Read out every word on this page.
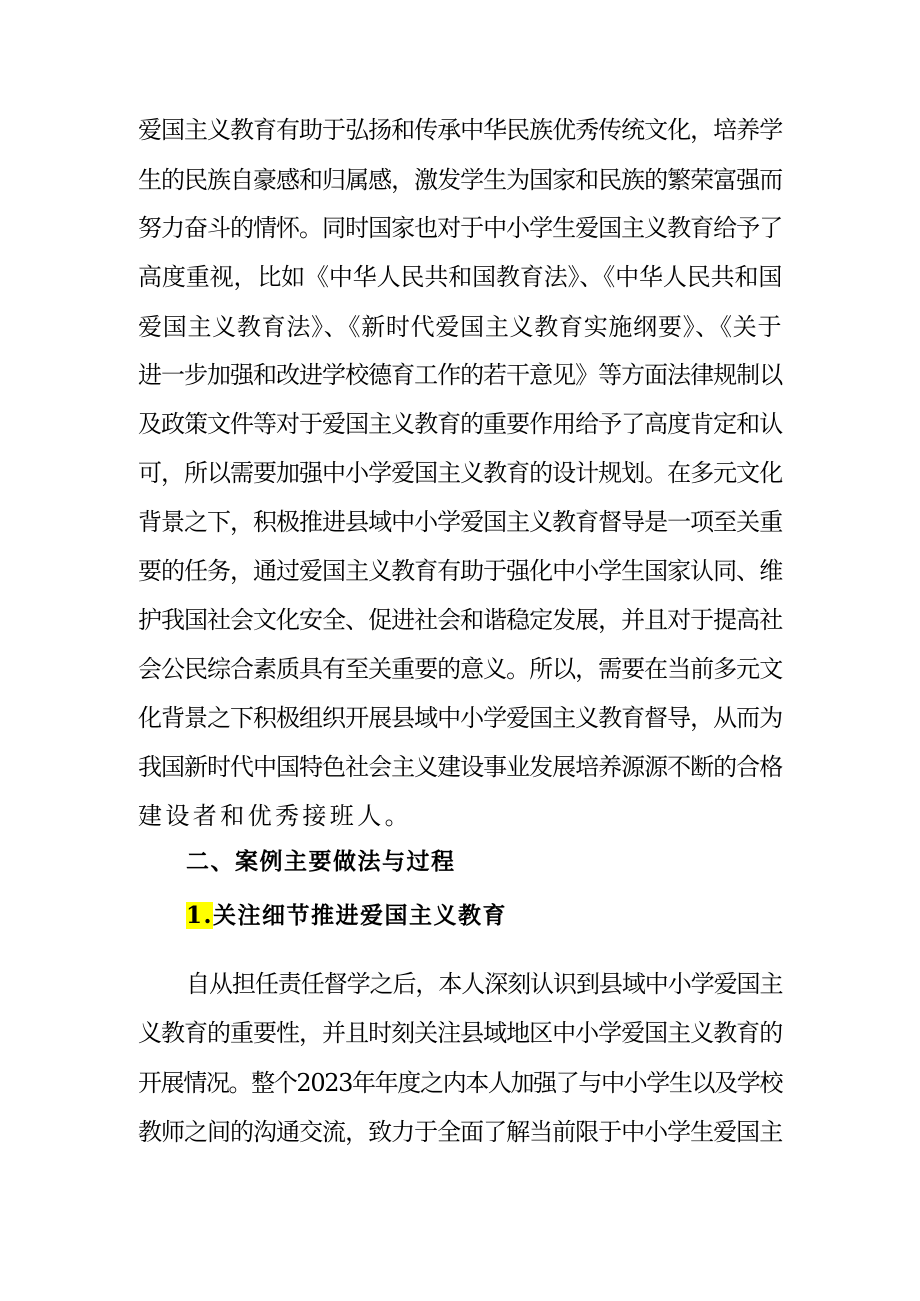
爱国主义教育有助于弘扬和传承中华民族优秀传统文化，培养学
生的民族自豪感和归属感，激发学生为国家和民族的繁荣富强而
努力奋斗的情怀。同时国家也对于中小学生爱国主义教育给予了
高度重视，比如《中华人民共和国教育法》、《中华人民共和国
爱国主义教育法》、《新时代爱国主义教育实施纲要》、《关于
进一步加强和改进学校德育工作的若干意见》等方面法律规制以
及政策文件等对于爱国主义教育的重要作用给予了高度肯定和认
可，所以需要加强中小学爱国主义教育的设计规划。在多元文化
背景之下，积极推进县域中小学爱国主义教育督导是一项至关重
要的任务，通过爱国主义教育有助于强化中小学生国家认同、维
护我国社会文化安全、促进社会和谐稳定发展，并且对于提高社
会公民综合素质具有至关重要的意义。所以，需要在当前多元文
化背景之下积极组织开展县域中小学爱国主义教育督导，从而为
我国新时代中国特色社会主义建设事业发展培养源源不断的合格
建设者和优秀接班人。
二、案例主要做法与过程
1.关注细节推进爱国主义教育
自从担任责任督学之后，本人深刻认识到县域中小学爱国主
义教育的重要性，并且时刻关注县域地区中小学爱国主义教育的
开展情况。整个2023年年度之内本人加强了与中小学生以及学校
教师之间的沟通交流，致力于全面了解当前限于中小学生爱国主
